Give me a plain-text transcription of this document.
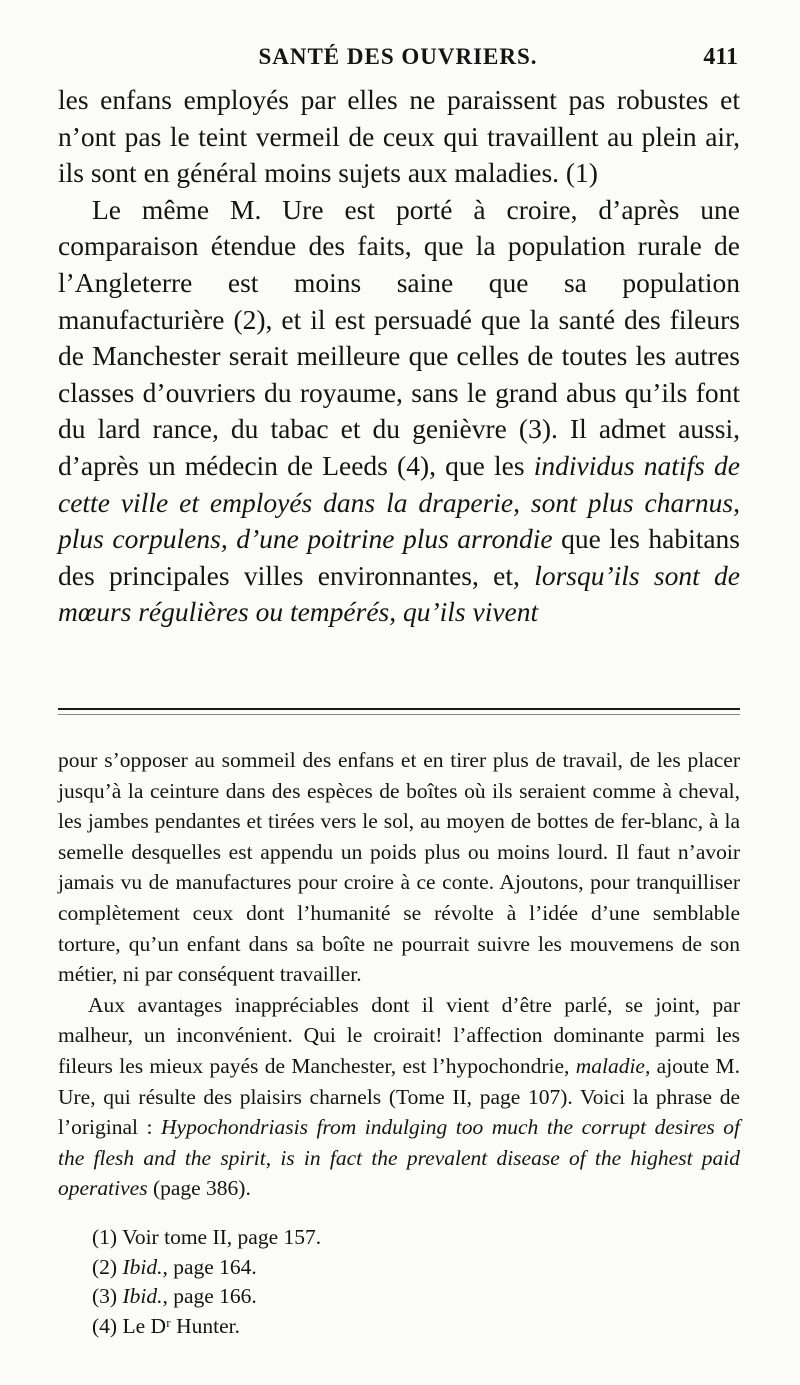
SANTÉ DES OUVRIERS.	411

les enfans employés par elles ne paraissent pas robustes et n’ont pas le teint vermeil de ceux qui travaillent au plein air, ils sont en général moins sujets aux maladies. (1)

Le même M. Ure est porté à croire, d’après une comparaison étendue des faits, que la population rurale de l’Angleterre est moins saine que sa population manufacturière (2), et il est persuadé que la santé des fileurs de Manchester serait meilleure que celles de toutes les autres classes d’ouvriers du royaume, sans le grand abus qu’ils font du lard rance, du tabac et du genièvre (3). Il admet aussi, d’après un médecin de Leeds (4), que les individus natifs de cette ville et employés dans la draperie, sont plus charnus, plus corpulens, d’une poitrine plus arrondie que les habitans des principales villes environnantes, et, lorsqu’ils sont de mœurs régulières ou tempérés, qu’ils vivent

pour s’opposer au sommeil des enfans et en tirer plus de travail, de les placer jusqu’à la ceinture dans des espèces de boîtes où ils seraient comme à cheval, les jambes pendantes et tirées vers le sol, au moyen de bottes de fer-blanc, à la semelle desquelles est appendu un poids plus ou moins lourd. Il faut n’avoir jamais vu de manufactures pour croire à ce conte. Ajoutons, pour tranquilliser complètement ceux dont l’humanité se révolte à l’idée d’une semblable torture, qu’un enfant dans sa boîte ne pourrait suivre les mouvemens de son métier, ni par conséquent travailler.

Aux avantages inappréciables dont il vient d’être parlé, se joint, par malheur, un inconvénient. Qui le croirait! l’affection dominante parmi les fileurs les mieux payés de Manchester, est l’hypochondrie, maladie, ajoute M. Ure, qui résulte des plaisirs charnels (Tome II, page 107). Voici la phrase de l’original : Hypochondriasis from indulging too much the corrupt desires of the flesh and the spirit, is in fact the prevalent disease of the highest paid operatives (page 386).

(1) Voir tome II, page 157.
(2) Ibid., page 164.
(3) Ibid., page 166.
(4) Le Dʳ Hunter.
